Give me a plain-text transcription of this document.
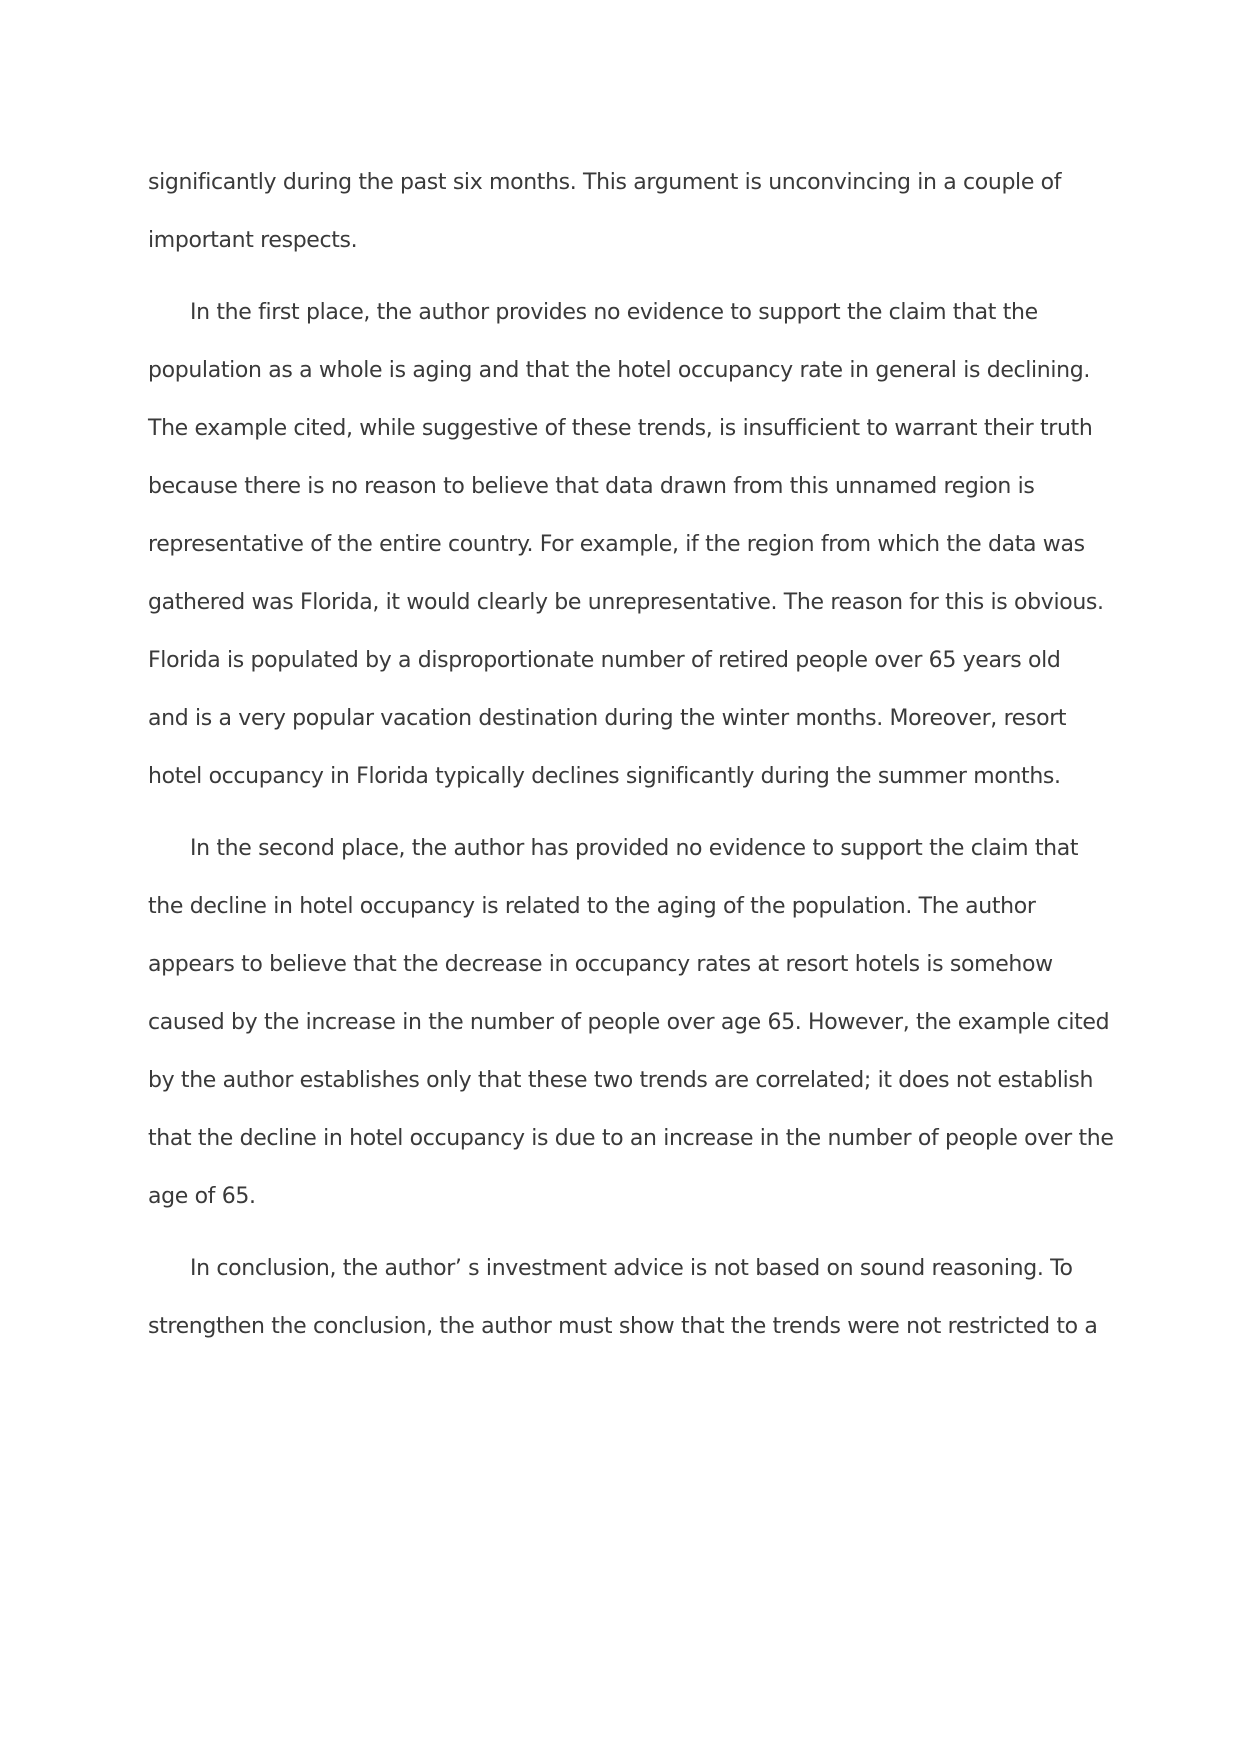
significantly during the past six months. This argument is unconvincing in a couple of
important respects.
In the first place, the author provides no evidence to support the claim that the
population as a whole is aging and that the hotel occupancy rate in general is declining.
The example cited, while suggestive of these trends, is insufficient to warrant their truth
because there is no reason to believe that data drawn from this unnamed region is
representative of the entire country. For example, if the region from which the data was
gathered was Florida, it would clearly be unrepresentative. The reason for this is obvious.
Florida is populated by a disproportionate number of retired people over 65 years old
and is a very popular vacation destination during the winter months. Moreover, resort
hotel occupancy in Florida typically declines significantly during the summer months.
In the second place, the author has provided no evidence to support the claim that
the decline in hotel occupancy is related to the aging of the population. The author
appears to believe that the decrease in occupancy rates at resort hotels is somehow
caused by the increase in the number of people over age 65. However, the example cited
by the author establishes only that these two trends are correlated; it does not establish
that the decline in hotel occupancy is due to an increase in the number of people over the
age of 65.
In conclusion, the author’ s investment advice is not based on sound reasoning. To
strengthen the conclusion, the author must show that the trends were not restricted to a
